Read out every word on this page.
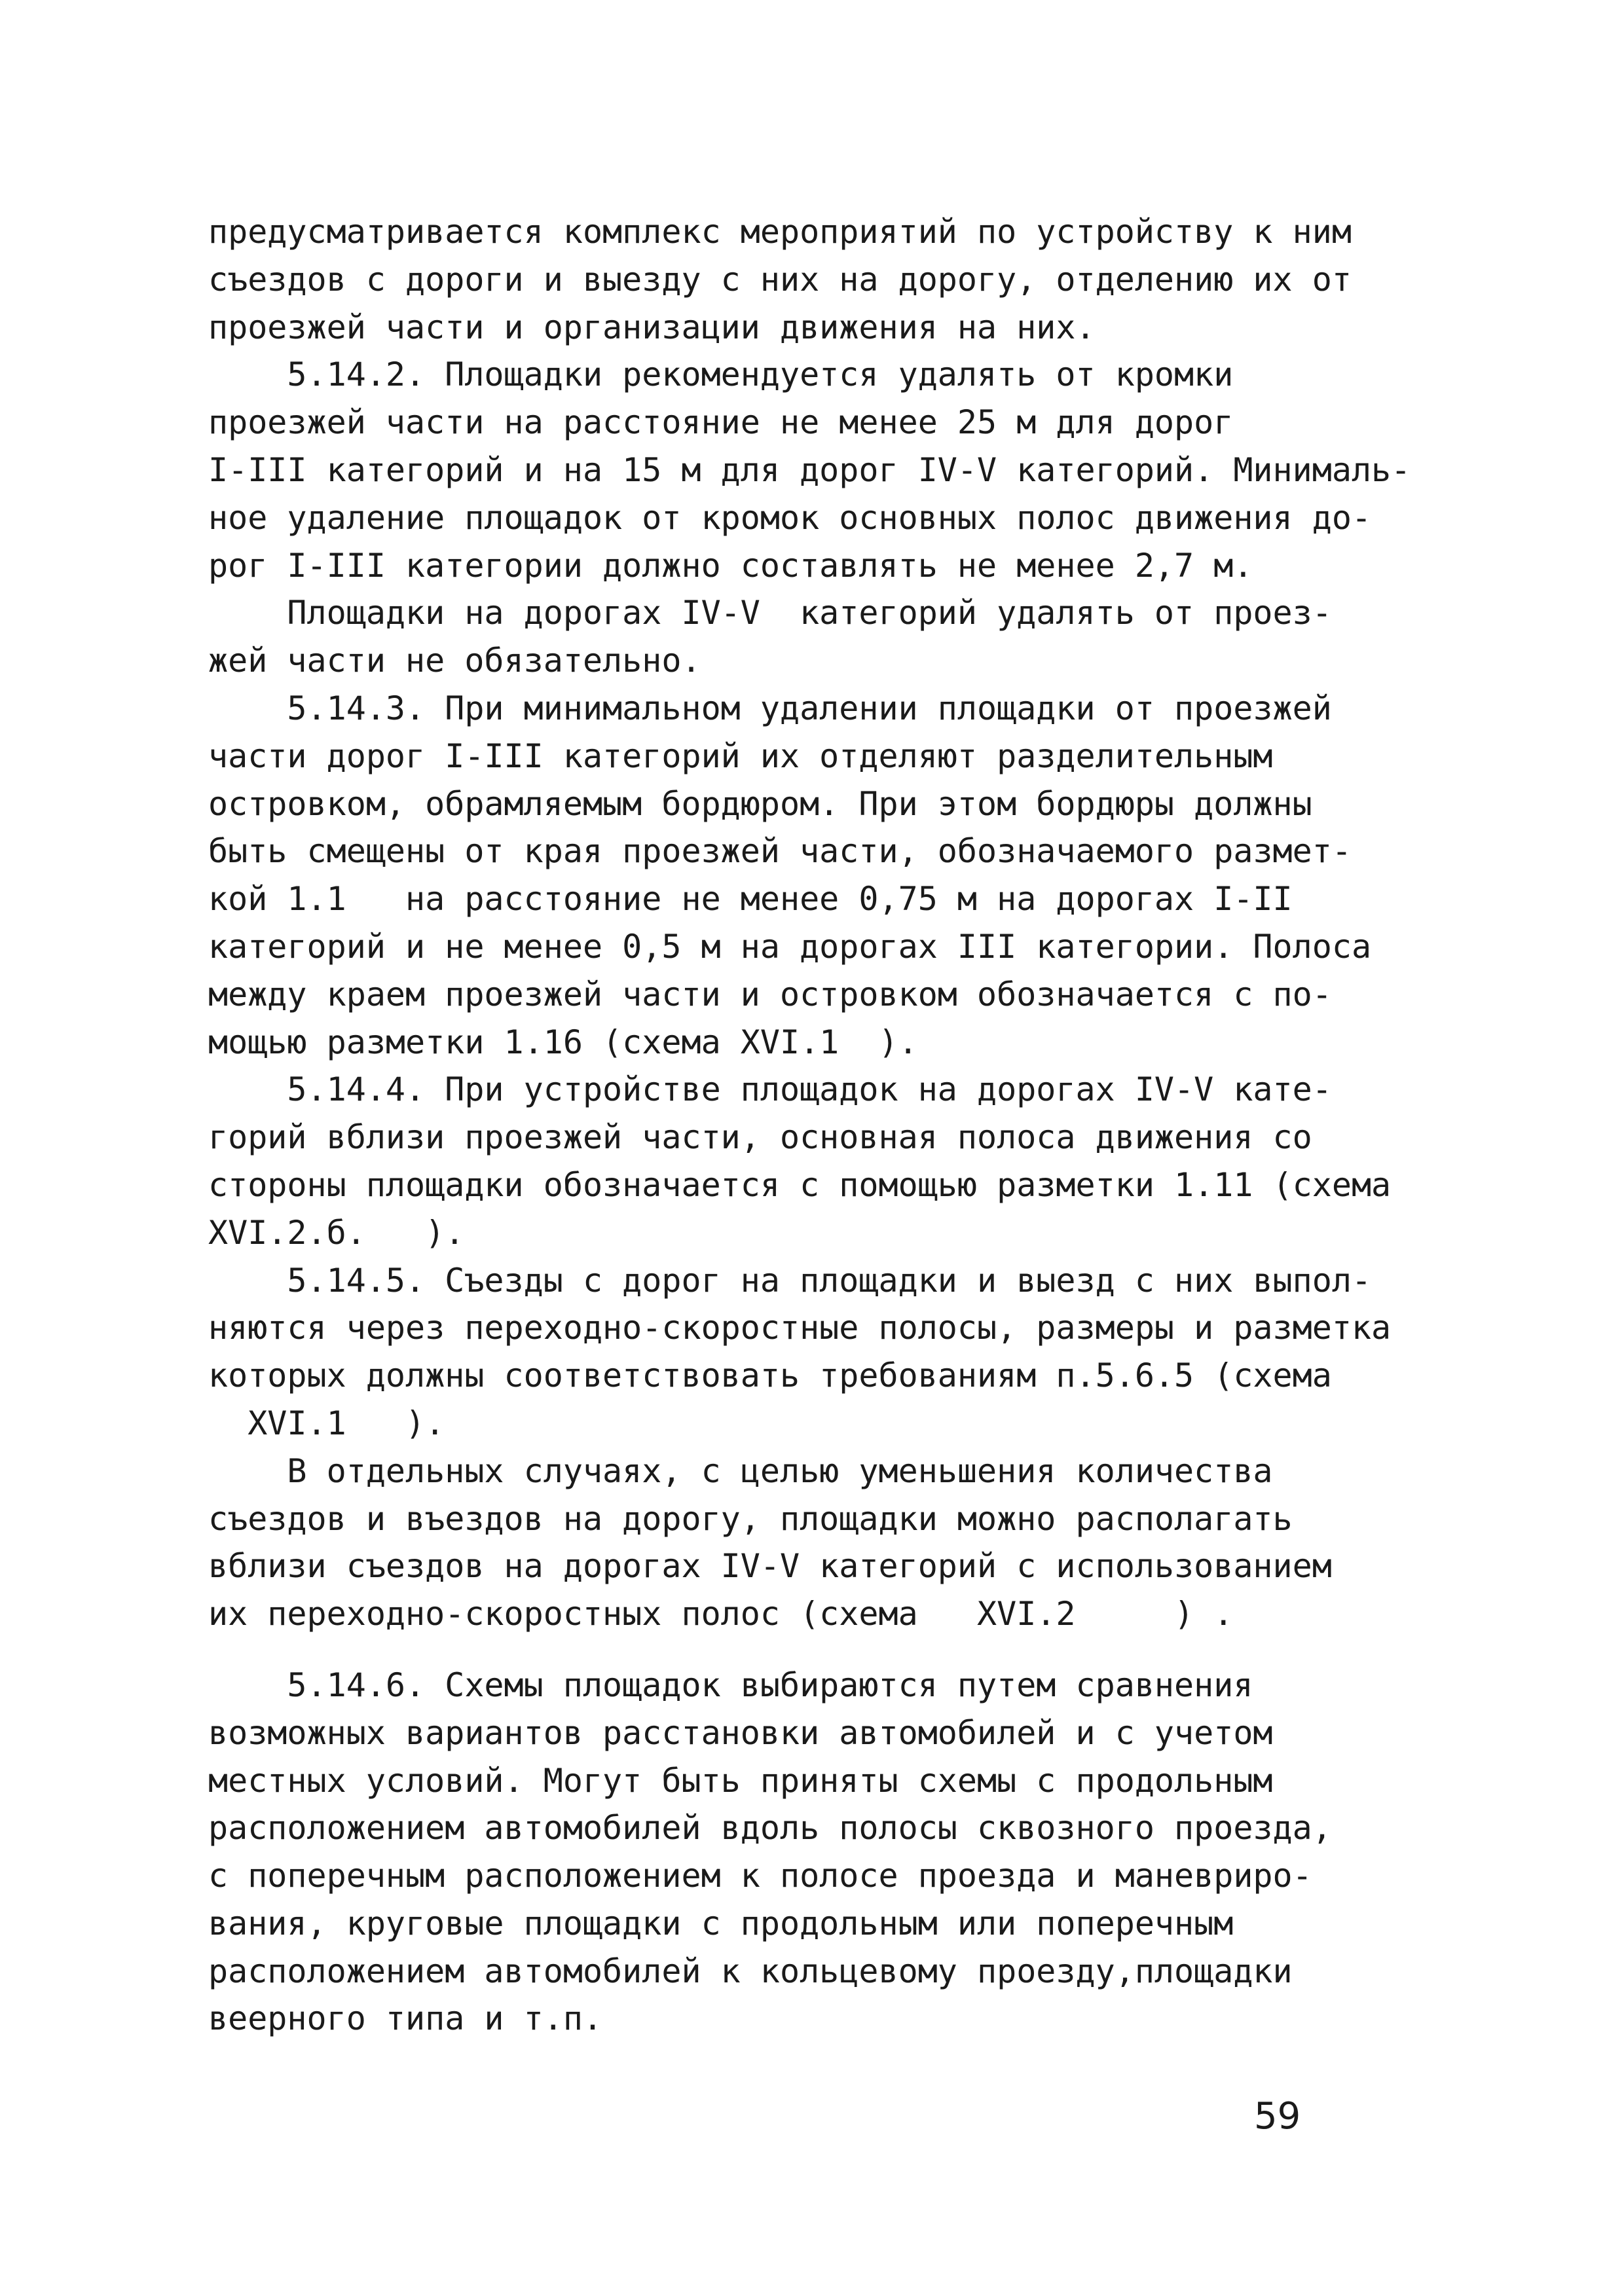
предусматривается комплекс мероприятий по устройству к ним
съездов с дороги и выезду с них на дорогу, отделению их от
проезжей части и организации движения на них.
5.14.2. Площадки рекомендуется удалять от кромки
проезжей части на расстояние не менее 25 м для дорог
I-III категорий и на 15 м для дорог IV-V категорий. Минималь-
ное удаление площадок от кромок основных полос движения до-
рог I-III категории должно составлять не менее 2,7 м.
Площадки на дорогах IV-V  категорий удалять от проез-
жей части не обязательно.
5.14.3. При минимальном удалении площадки от проезжей
части дорог I-III категорий их отделяют разделительным
островком, обрамляемым бордюром. При этом бордюры должны
быть смещены от края проезжей части, обозначаемого размет-
кой 1.1   на расстояние не менее 0,75 м на дорогах I-II
категорий и не менее 0,5 м на дорогах III категории. Полоса
между краем проезжей части и островком обозначается с по-
мощью разметки 1.16 (схема XVI.1  ).
5.14.4. При устройстве площадок на дорогах IV-V кате-
горий вблизи проезжей части, основная полоса движения со
стороны площадки обозначается с помощью разметки 1.11 (схема
XVI.2.б.   ).
5.14.5. Съезды с дорог на площадки и выезд с них выпол-
няются через переходно-скоростные полосы, размеры и разметка
которых должны соответствовать требованиям п.5.6.5 (схема
XVI.1   ).
В отдельных случаях, с целью уменьшения количества
съездов и въездов на дорогу, площадки можно располагать
вблизи съездов на дорогах IV-V категорий с использованием
их переходно-скоростных полос (схема   XVI.2     ) .
5.14.6. Схемы площадок выбираются путем сравнения
возможных вариантов расстановки автомобилей и с учетом
местных условий. Могут быть приняты схемы с продольным
расположением автомобилей вдоль полосы сквозного проезда,
с поперечным расположением к полосе проезда и маневриро-
вания, круговые площадки с продольным или поперечным
расположением автомобилей к кольцевому проезду,площадки
веерного типа и т.п.
59
